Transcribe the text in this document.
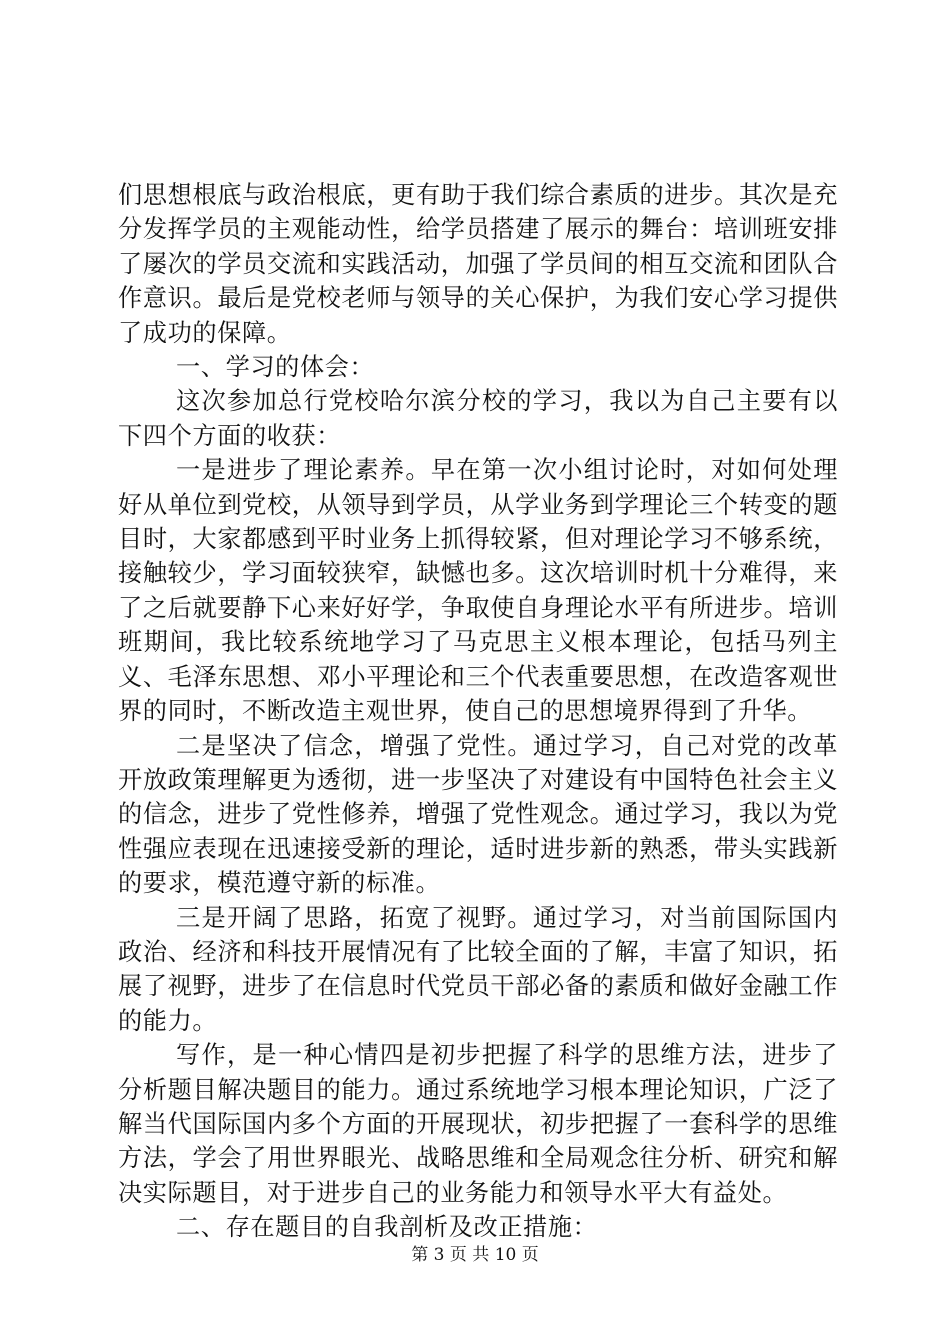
们思想根底与政治根底，更有助于我们综合素质的进步。其次是充分发挥学员的主观能动性，给学员搭建了展示的舞台：培训班安排了屡次的学员交流和实践活动，加强了学员间的相互交流和团队合作意识。最后是党校老师与领导的关心保护，为我们安心学习提供了成功的保障。

一、学习的体会：

这次参加总行党校哈尔滨分校的学习，我以为自己主要有以下四个方面的收获：

一是进步了理论素养。早在第一次小组讨论时，对如何处理好从单位到党校，从领导到学员，从学业务到学理论三个转变的题目时，大家都感到平时业务上抓得较紧，但对理论学习不够系统，接触较少，学习面较狭窄，缺憾也多。这次培训时机十分难得，来了之后就要静下心来好好学，争取使自身理论水平有所进步。培训班期间，我比较系统地学习了马克思主义根本理论，包括马列主义、毛泽东思想、邓小平理论和三个代表重要思想，在改造客观世界的同时，不断改造主观世界，使自己的思想境界得到了升华。

二是坚决了信念，增强了党性。通过学习，自己对党的改革开放政策理解更为透彻，进一步坚决了对建设有中国特色社会主义的信念，进步了党性修养，增强了党性观念。通过学习，我以为党性强应表现在迅速接受新的理论，适时进步新的熟悉，带头实践新的要求，模范遵守新的标准。

三是开阔了思路，拓宽了视野。通过学习，对当前国际国内政治、经济和科技开展情况有了比较全面的了解，丰富了知识，拓展了视野，进步了在信息时代党员干部必备的素质和做好金融工作的能力。

写作，是一种心情四是初步把握了科学的思维方法，进步了分析题目解决题目的能力。通过系统地学习根本理论知识，广泛了解当代国际国内多个方面的开展现状，初步把握了一套科学的思维方法，学会了用世界眼光、战略思维和全局观念往分析、研究和解决实际题目，对于进步自己的业务能力和领导水平大有益处。

二、存在题目的自我剖析及改正措施：

第 3 页 共 10 页
